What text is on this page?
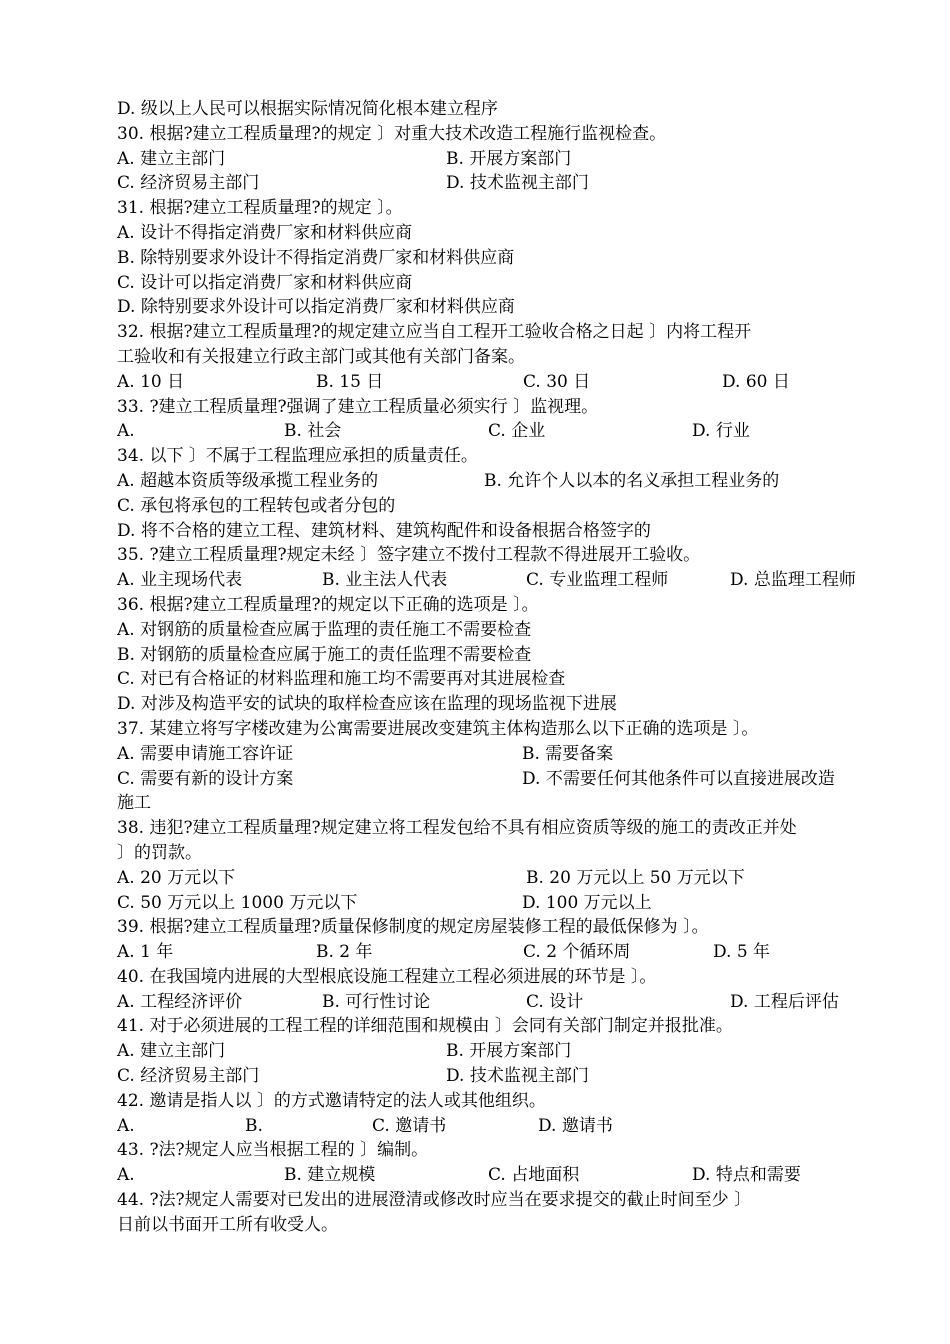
D. 级以上人民可以根据实际情况简化根本建立程序
30. 根据?建立工程质量理?的规定 〕对重大技术改造工程施行监视检查。
A. 建立主部门	B. 开展方案部门
C. 经济贸易主部门	D. 技术监视主部门
31. 根据?建立工程质量理?的规定 〕。
A. 设计不得指定消费厂家和材料供应商
B. 除特别要求外设计不得指定消费厂家和材料供应商
C. 设计可以指定消费厂家和材料供应商
D. 除特别要求外设计可以指定消费厂家和材料供应商
32. 根据?建立工程质量理?的规定建立应当自工程开工验收合格之日起 〕内将工程开
工验收和有关报建立行政主部门或其他有关部门备案。
A. 10 日	B. 15 日	C. 30 日	D. 60 日
33. ?建立工程质量理?强调了建立工程质量必须实行 〕监视理。
A.	B. 社会	C. 企业	D. 行业
34. 以下 〕不属于工程监理应承担的质量责任。
A. 超越本资质等级承揽工程业务的	B. 允许个人以本的名义承担工程业务的
C. 承包将承包的工程转包或者分包的
D. 将不合格的建立工程、建筑材料、建筑构配件和设备根据合格签字的
35. ?建立工程质量理?规定未经 〕签字建立不拨付工程款不得进展开工验收。
A. 业主现场代表	B. 业主法人代表	C. 专业监理工程师	D. 总监理工程师
36. 根据?建立工程质量理?的规定以下正确的选项是 〕。
A. 对钢筋的质量检查应属于监理的责任施工不需要检查
B. 对钢筋的质量检查应属于施工的责任监理不需要检查
C. 对已有合格证的材料监理和施工均不需要再对其进展检查
D. 对涉及构造平安的试块的取样检查应该在监理的现场监视下进展
37. 某建立将写字楼改建为公寓需要进展改变建筑主体构造那么以下正确的选项是 〕。
A. 需要申请施工容许证	B. 需要备案
C. 需要有新的设计方案	D. 不需要任何其他条件可以直接进展改造
施工
38. 违犯?建立工程质量理?规定建立将工程发包给不具有相应资质等级的施工的责改正并处
〕的罚款。
A. 20 万元以下	B. 20 万元以上 50 万元以下
C. 50 万元以上 1000 万元以下	D. 100 万元以上
39. 根据?建立工程质量理?质量保修制度的规定房屋装修工程的最低保修为 〕。
A. 1 年	B. 2 年	C. 2 个循环周	D. 5 年
40. 在我国境内进展的大型根底设施工程建立工程必须进展的环节是 〕。
A. 工程经济评价	B. 可行性讨论	C. 设计	D. 工程后评估
41. 对于必须进展的工程工程的详细范围和规模由 〕会同有关部门制定并报批准。
A. 建立主部门	B. 开展方案部门
C. 经济贸易主部门	D. 技术监视主部门
42. 邀请是指人以 〕的方式邀请特定的法人或其他组织。
A.	B.	C. 邀请书	D. 邀请书
43. ?法?规定人应当根据工程的 〕编制。
A.	B. 建立规模	C. 占地面积	D. 特点和需要
44. ?法?规定人需要对已发出的进展澄清或修改时应当在要求提交的截止时间至少 〕
日前以书面开工所有收受人。
